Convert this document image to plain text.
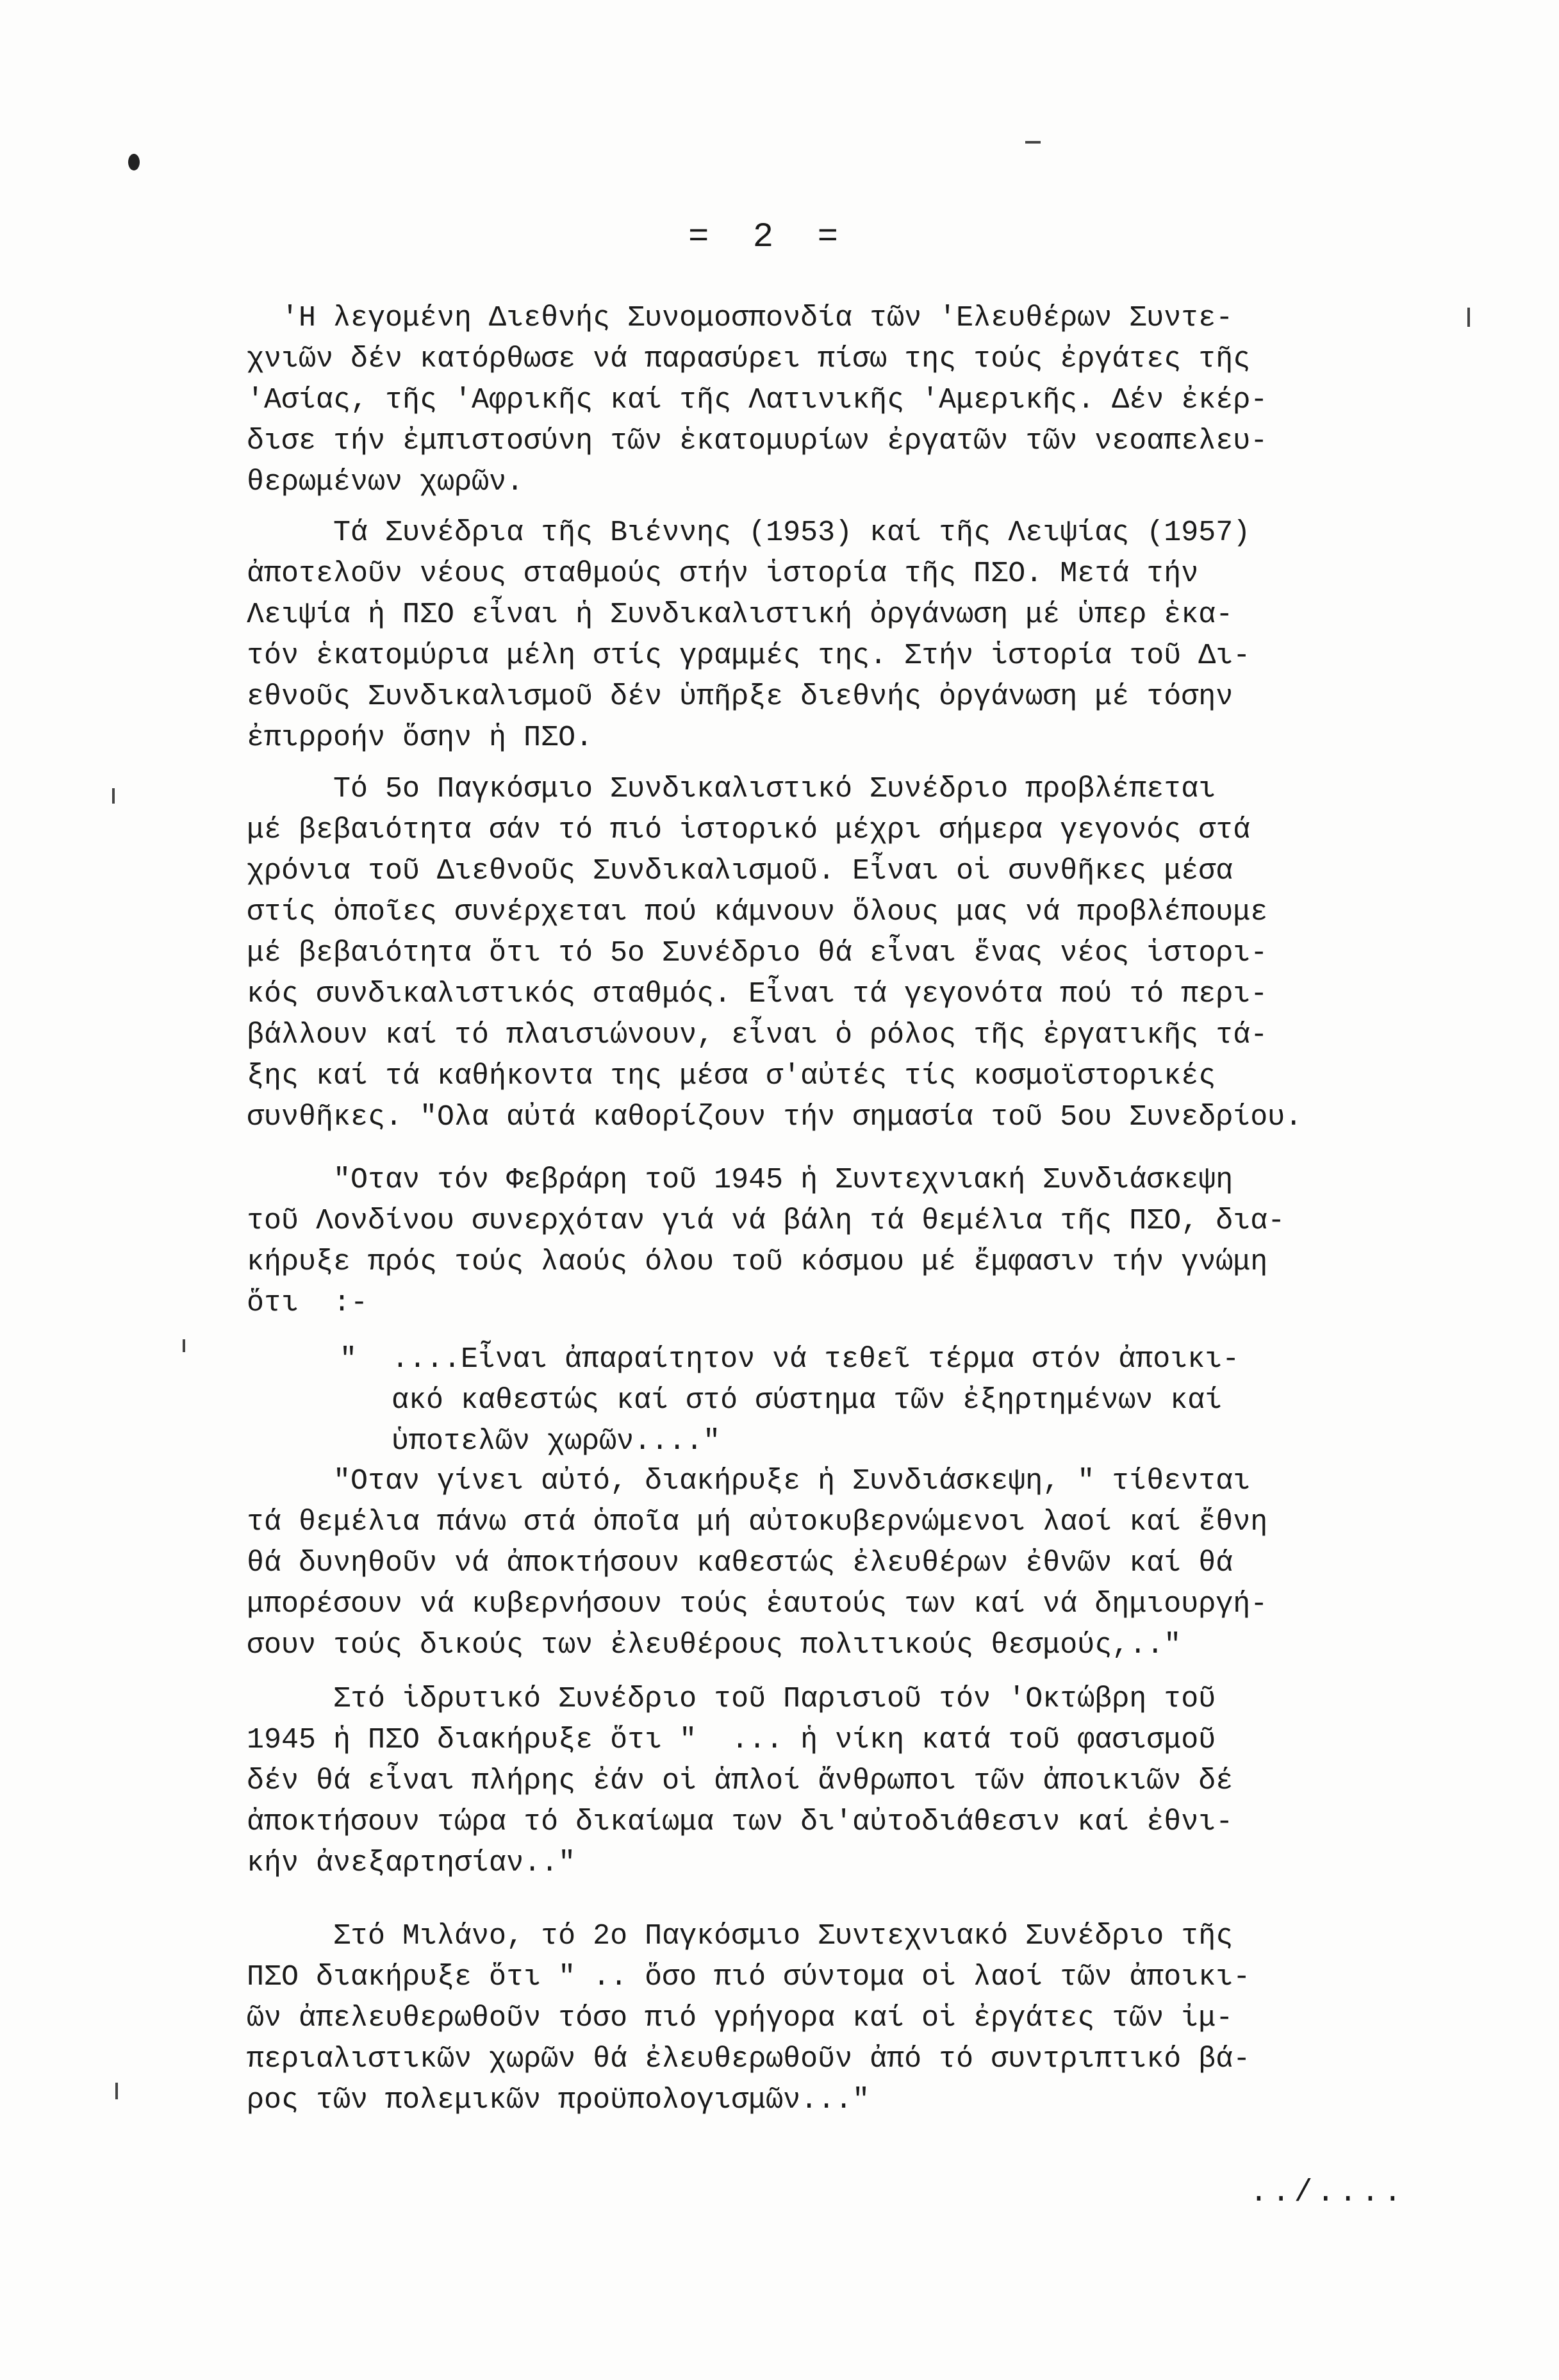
= 2 =
'Η λεγομένη Διεθνής Συνομοσπονδία τῶν 'Ελευθέρων Συντε-
χνιῶν δέν κατόρθωσε νά παρασύρει πίσω της τούς ἐργάτες τῆς
'Ασίας, τῆς 'Αφρικῆς καί τῆς Λατινικῆς 'Αμερικῆς. Δέν ἐκέρ-
δισε τήν ἐμπιστοσύνη τῶν ἑκατομυρίων ἐργατῶν τῶν νεοαπελευ-
θερωμένων χωρῶν.
Τά Συνέδρια τῆς Βιέννης (1953) καί τῆς Λειψίας (1957)
ἀποτελοῦν νέους σταθμούς στήν ἱστορία τῆς ΠΣΟ. Μετά τήν
Λειψία ἡ ΠΣΟ εἶναι ἡ Συνδικαλιστική ὀργάνωση μέ ὑπερ ἑκα-
τόν ἑκατομύρια μέλη στίς γραμμές της. Στήν ἱστορία τοῦ Δι-
εθνοῦς Συνδικαλισμοῦ δέν ὑπῆρξε διεθνής ὀργάνωση μέ τόσην
ἐπιρροήν ὅσην ἡ ΠΣΟ.
Τό 5ο Παγκόσμιο Συνδικαλιστικό Συνέδριο προβλέπεται
μέ βεβαιότητα σάν τό πιό ἱστορικό μέχρι σήμερα γεγονός στά
χρόνια τοῦ Διεθνοῦς Συνδικαλισμοῦ. Εἶναι οἱ συνθῆκες μέσα
στίς ὁποῖες συνέρχεται πού κάμνουν ὅλους μας νά προβλέπουμε
μέ βεβαιότητα ὅτι τό 5ο Συνέδριο θά εἶναι ἕνας νέος ἱστορι-
κός συνδικαλιστικός σταθμός. Εἶναι τά γεγονότα πού τό περι-
βάλλουν καί τό πλαισιώνουν, εἶναι ὁ ρόλος τῆς ἐργατικῆς τά-
ξης καί τά καθήκοντα της μέσα σ'αὐτές τίς κοσμοϊστορικές
συνθῆκες. "Ολα αὐτά καθορίζουν τήν σημασία τοῦ 5ου Συνεδρίου.
"Οταν τόν Φεβράρη τοῦ 1945 ἡ Συντεχνιακή Συνδιάσκεψη
τοῦ Λονδίνου συνερχόταν γιά νά βάλη τά θεμέλια τῆς ΠΣΟ, δια-
κήρυξε πρός τούς λαούς όλου τοῦ κόσμου μέ ἔμφασιν τήν γνώμη
ὅτι  :-
"  ....Εἶναι ἀπαραίτητον νά τεθεῖ τέρμα στόν ἀποικι-
ακό καθεστώς καί στό σύστημα τῶν ἐξηρτημένων καί
ὑποτελῶν χωρῶν...."
"Οταν γίνει αὐτό, διακήρυξε ἡ Συνδιάσκεψη, " τίθενται
τά θεμέλια πάνω στά ὁποῖα μή αὐτοκυβερνώμενοι λαοί καί ἔθνη
θά δυνηθοῦν νά ἀποκτήσουν καθεστώς ἐλευθέρων ἐθνῶν καί θά
μπορέσουν νά κυβερνήσουν τούς ἑαυτούς των καί νά δημιουργή-
σουν τούς δικούς των ἐλευθέρους πολιτικούς θεσμούς,.."
Στό ἱδρυτικό Συνέδριο τοῦ Παρισιοῦ τόν 'Οκτώβρη τοῦ
1945 ἡ ΠΣΟ διακήρυξε ὅτι "  ... ἡ νίκη κατά τοῦ φασισμοῦ
δέν θά εἶναι πλήρης ἐάν οἱ ἁπλοί ἄνθρωποι τῶν ἀποικιῶν δέ
ἀποκτήσουν τώρα τό δικαίωμα των δι'αὐτοδιάθεσιν καί ἐθνι-
κήν ἀνεξαρτησίαν.."
Στό Μιλάνο, τό 2ο Παγκόσμιο Συντεχνιακό Συνέδριο τῆς
ΠΣΟ διακήρυξε ὅτι " .. ὅσο πιό σύντομα οἱ λαοί τῶν ἀποικι-
ῶν ἀπελευθερωθοῦν τόσο πιό γρήγορα καί οἱ ἐργάτες τῶν ἰμ-
περιαλιστικῶν χωρῶν θά ἐλευθερωθοῦν ἀπό τό συντριπτικό βά-
ρος τῶν πολεμικῶν προϋπολογισμῶν..."
../....
